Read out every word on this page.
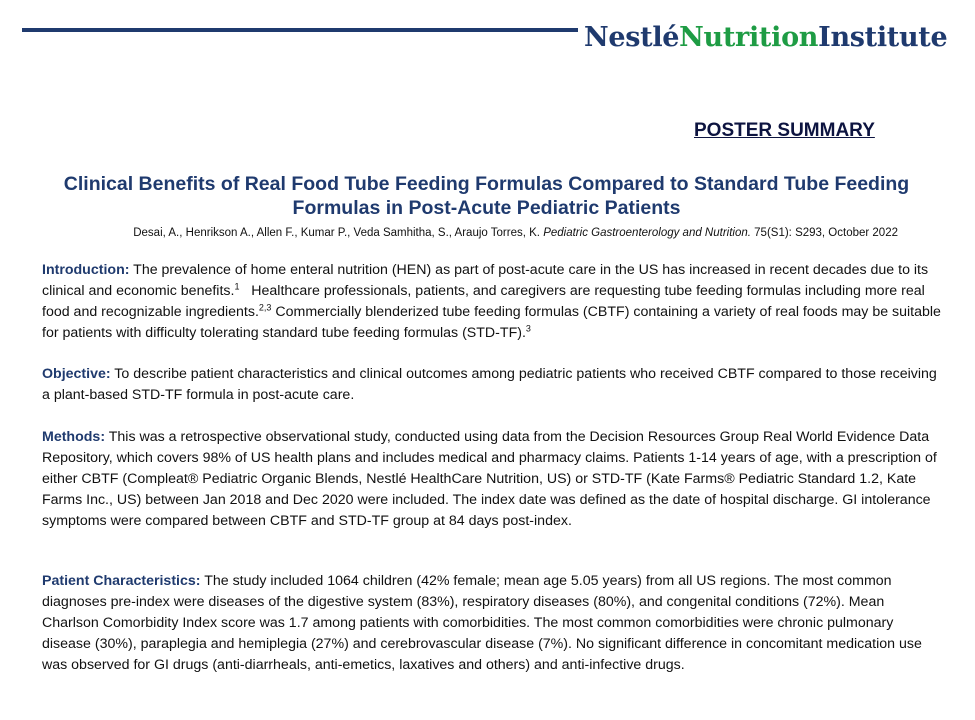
NestléNutritionInstitute
POSTER SUMMARY
Clinical Benefits of Real Food Tube Feeding Formulas Compared to Standard Tube Feeding Formulas in Post-Acute Pediatric Patients
Desai, A., Henrikson A., Allen F., Kumar P., Veda Samhitha, S., Araujo Torres, K. Pediatric Gastroenterology and Nutrition. 75(S1): S293, October 2022
Introduction: The prevalence of home enteral nutrition (HEN) as part of post-acute care in the US has increased in recent decades due to its clinical and economic benefits.$^1$ Healthcare professionals, patients, and caregivers are requesting tube feeding formulas including more real food and recognizable ingredients.$^{2,3}$ Commercially blenderized tube feeding formulas (CBTF) containing a variety of real foods may be suitable for patients with difficulty tolerating standard tube feeding formulas (STD-TF).$^3$
Objective: To describe patient characteristics and clinical outcomes among pediatric patients who received CBTF compared to those receiving a plant-based STD-TF formula in post-acute care.
Methods: This was a retrospective observational study, conducted using data from the Decision Resources Group Real World Evidence Data Repository, which covers 98% of US health plans and includes medical and pharmacy claims. Patients 1-14 years of age, with a prescription of either CBTF (Compleat® Pediatric Organic Blends, Nestlé HealthCare Nutrition, US) or STD-TF (Kate Farms® Pediatric Standard 1.2, Kate Farms Inc., US) between Jan 2018 and Dec 2020 were included. The index date was defined as the date of hospital discharge. GI intolerance symptoms were compared between CBTF and STD-TF group at 84 days post-index.
Patient Characteristics: The study included 1064 children (42% female; mean age 5.05 years) from all US regions. The most common diagnoses pre-index were diseases of the digestive system (83%), respiratory diseases (80%), and congenital conditions (72%). Mean Charlson Comorbidity Index score was 1.7 among patients with comorbidities. The most common comorbidities were chronic pulmonary disease (30%), paraplegia and hemiplegia (27%) and cerebrovascular disease (7%). No significant difference in concomitant medication use was observed for GI drugs (anti-diarrheals, anti-emetics, laxatives and others) and anti-infective drugs.
